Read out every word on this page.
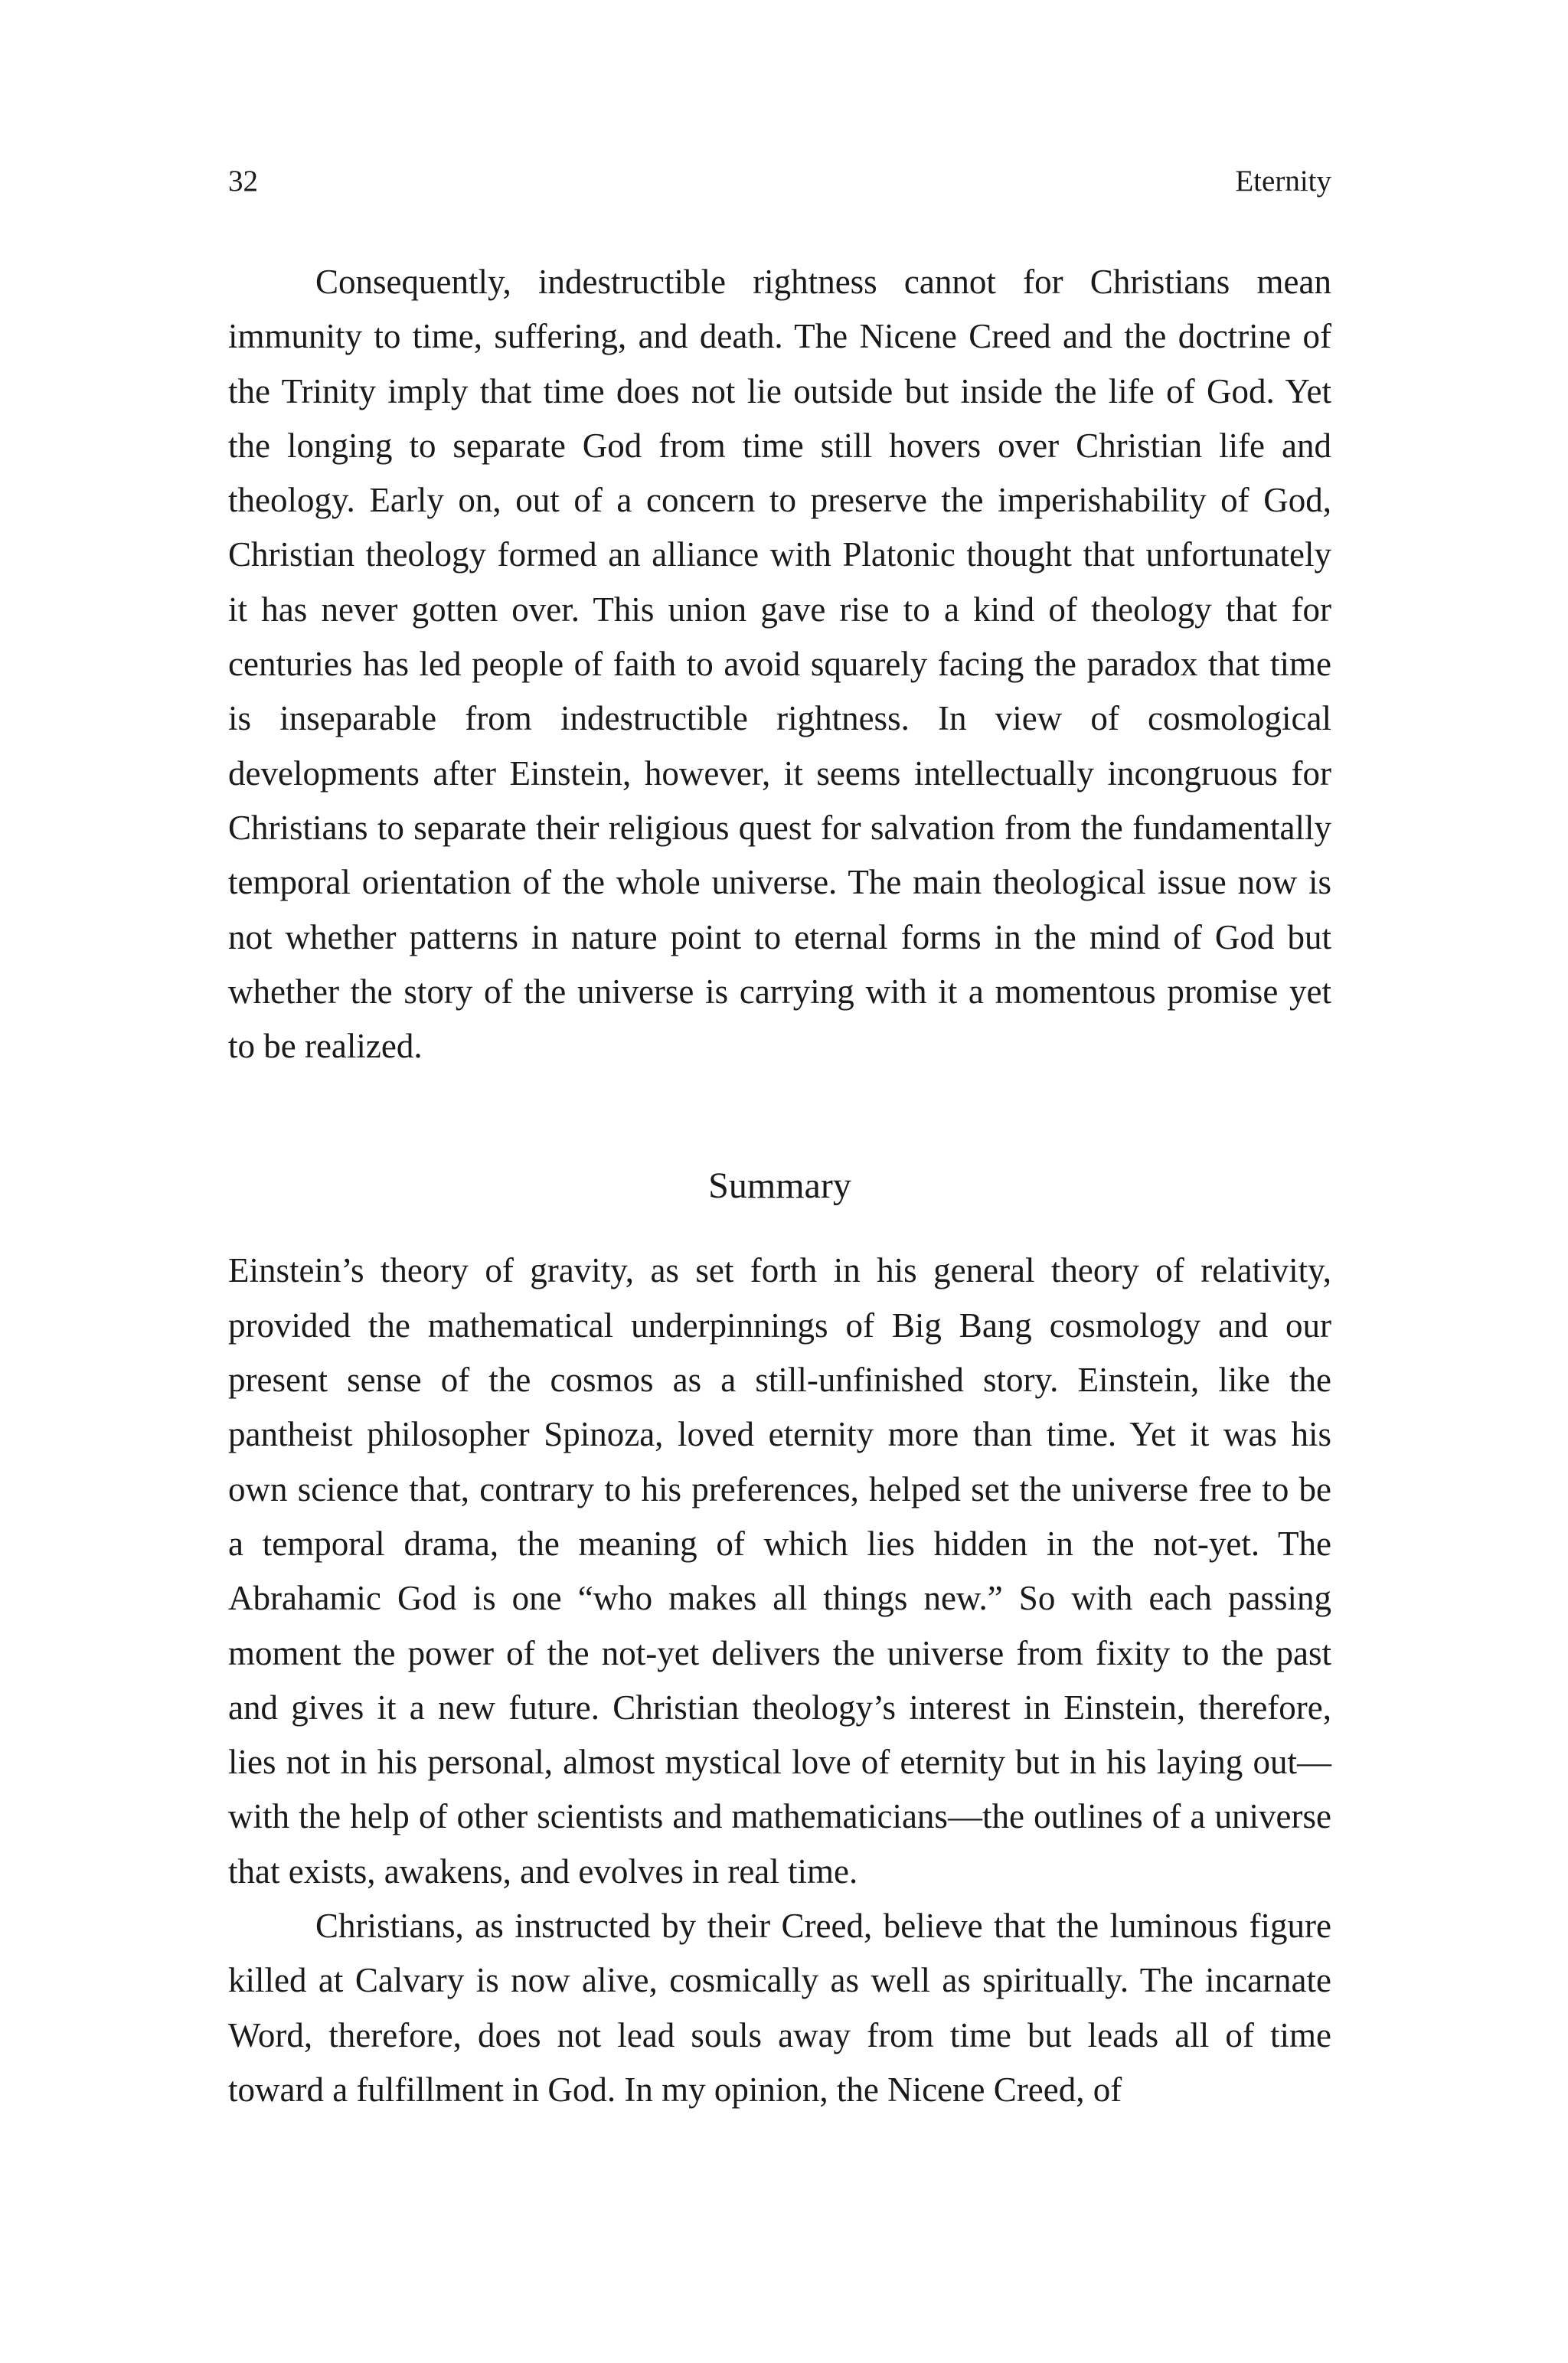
32	Eternity

Consequently, indestructible rightness cannot for Christians mean immunity to time, suffering, and death. The Nicene Creed and the doctrine of the Trinity imply that time does not lie outside but inside the life of God. Yet the longing to separate God from time still hovers over Christian life and theology. Early on, out of a concern to preserve the imperishability of God, Christian theology formed an alliance with Platonic thought that unfortunately it has never gotten over. This union gave rise to a kind of theology that for centuries has led people of faith to avoid squarely facing the paradox that time is inseparable from indestructible rightness. In view of cosmological developments after Einstein, however, it seems intellectually incongruous for Christians to separate their religious quest for salvation from the fundamentally temporal orientation of the whole universe. The main theological issue now is not whether patterns in nature point to eternal forms in the mind of God but whether the story of the universe is carrying with it a momentous promise yet to be realized.

Summary

Einstein’s theory of gravity, as set forth in his general theory of relativity, provided the mathematical underpinnings of Big Bang cosmology and our present sense of the cosmos as a still-unfinished story. Einstein, like the pantheist philosopher Spinoza, loved eternity more than time. Yet it was his own science that, contrary to his preferences, helped set the universe free to be a temporal drama, the meaning of which lies hidden in the not-yet. The Abrahamic God is one “who makes all things new.” So with each passing moment the power of the not-yet delivers the universe from fixity to the past and gives it a new future. Christian theology’s interest in Einstein, therefore, lies not in his personal, almost mystical love of eternity but in his laying out—with the help of other scientists and mathematicians—the outlines of a universe that exists, awakens, and evolves in real time.

Christians, as instructed by their Creed, believe that the luminous figure killed at Calvary is now alive, cosmically as well as spiritually. The incarnate Word, therefore, does not lead souls away from time but leads all of time toward a fulfillment in God. In my opinion, the Nicene Creed, of
